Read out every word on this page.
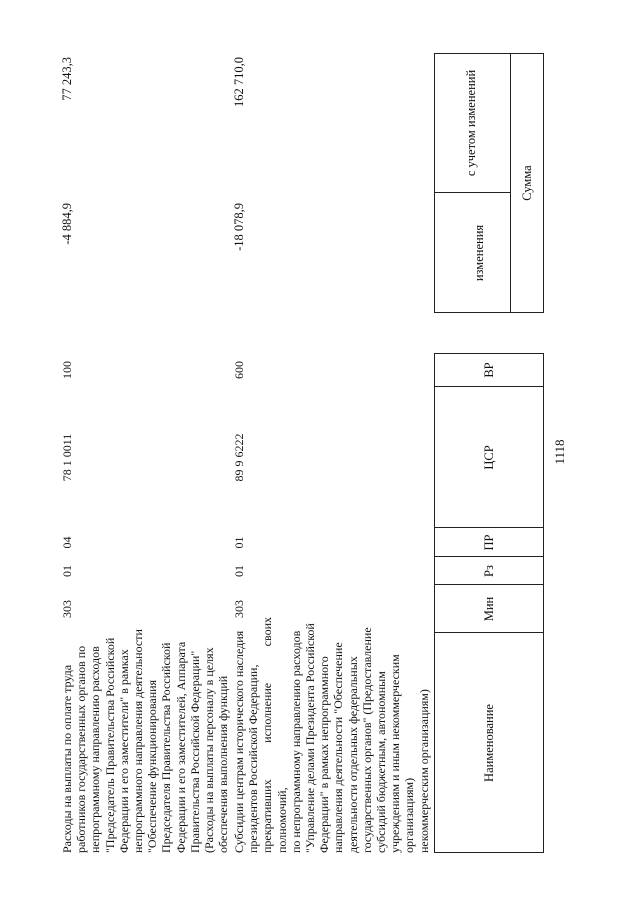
1118
Наименование
Мин
Рз
ПР
ЦСР
ВР
Сумма
изменения
с учетом изменений
некоммерческим организациям)
Субсидии центрам исторического наследия
президентов Российской Федерации,
прекративших исполнение своих полномочий,
по непрограммному направлению расходов
"Управление делами Президента Российской
Федерации" в рамках непрограммного
направления деятельности "Обеспечение
деятельности отдельных федеральных
государственных органов" (Предоставление
субсидий бюджетным, автономным
учреждениям и иным некоммерческим
организациям)
303
01
01
89 9 6222
600
-18 078,9
162 710,0
Расходы на выплаты по оплате труда
работников государственных органов по
непрограммному направлению расходов
"Председатель Правительства Российской
Федерации и его заместители" в рамках
непрограммного направления деятельности
"Обеспечение функционирования
Председателя Правительства Российской
Федерации и его заместителей, Аппарата
Правительства Российской Федерации"
(Расходы на выплаты персоналу в целях
обеспечения выполнения функций
303
01
04
78 1 0011
100
-4 884,9
77 243,3
